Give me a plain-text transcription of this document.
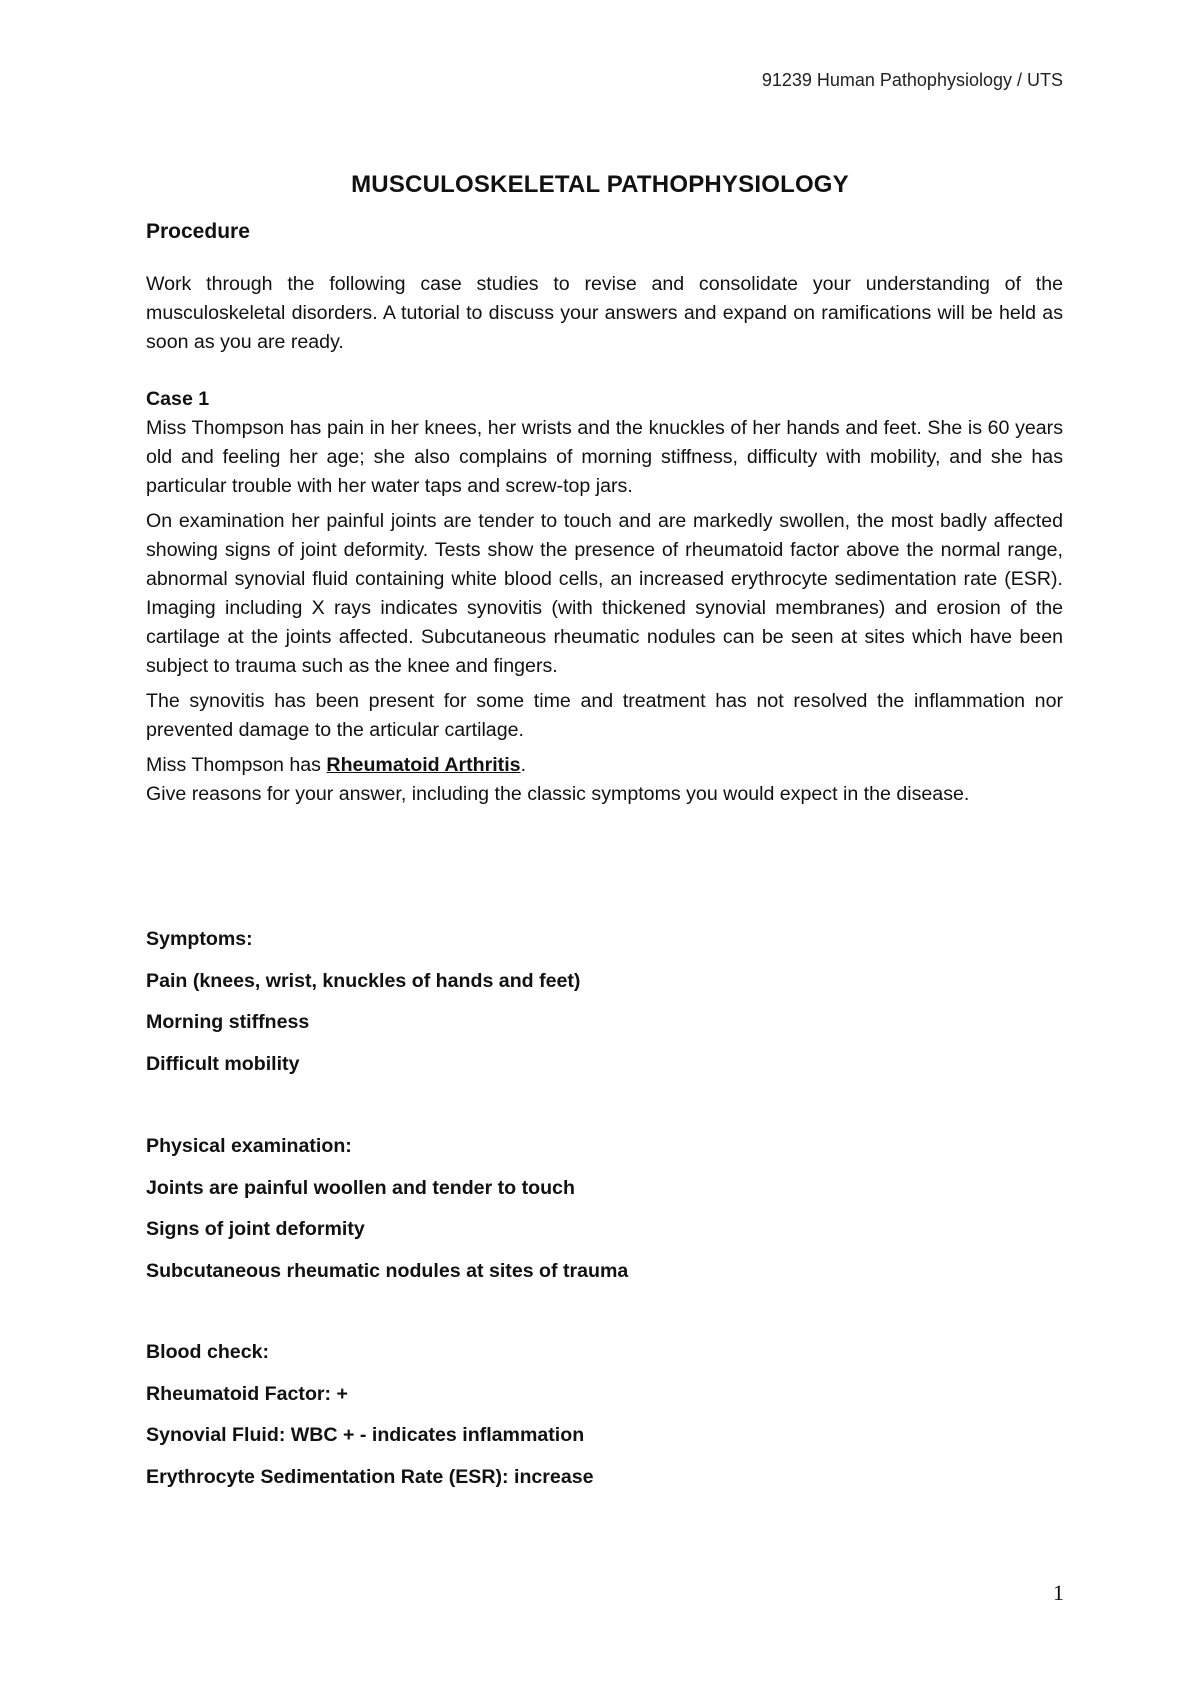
91239 Human Pathophysiology / UTS
MUSCULOSKELETAL PATHOPHYSIOLOGY
Procedure

Work through the following case studies to revise and consolidate your understanding of the musculoskeletal disorders. A tutorial to discuss your answers and expand on ramifications will be held as soon as you are ready.

Case 1

Miss Thompson has pain in her knees, her wrists and the knuckles of her hands and feet. She is 60 years old and feeling her age; she also complains of morning stiffness, difficulty with mobility, and she has particular trouble with her water taps and screw-top jars.

On examination her painful joints are tender to touch and are markedly swollen, the most badly affected showing signs of joint deformity. Tests show the presence of rheumatoid factor above the normal range, abnormal synovial fluid containing white blood cells, an increased erythrocyte sedimentation rate (ESR). Imaging including X rays indicates synovitis (with thickened synovial membranes) and erosion of the cartilage at the joints affected. Subcutaneous rheumatic nodules can be seen at sites which have been subject to trauma such as the knee and fingers.

The synovitis has been present for some time and treatment has not resolved the inflammation nor prevented damage to the articular cartilage.

Miss Thompson has Rheumatoid Arthritis.

Give reasons for your answer, including the classic symptoms you would expect in the disease.

Symptoms:
Pain (knees, wrist, knuckles of hands and feet)
Morning stiffness
Difficult mobility
Physical examination:
Joints are painful woollen and tender to touch
Signs of joint deformity
Subcutaneous rheumatic nodules at sites of trauma
Blood check:
Rheumatoid Factor: +
Synovial Fluid: WBC + - indicates inflammation
Erythrocyte Sedimentation Rate (ESR): increase
1
